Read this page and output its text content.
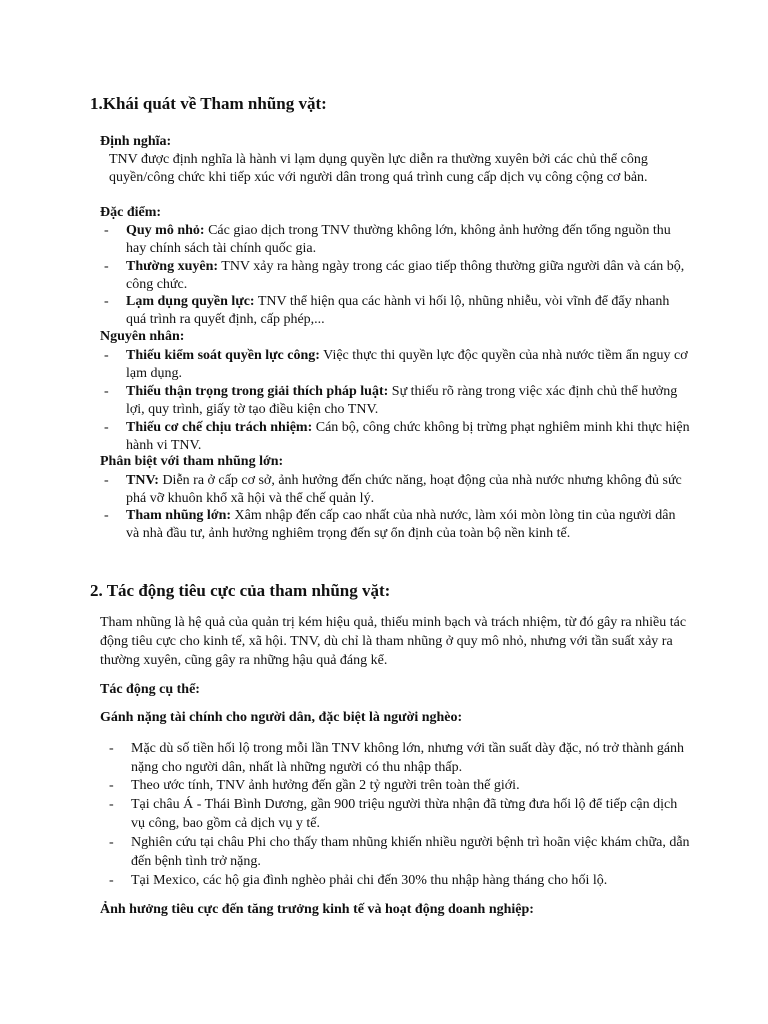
1.Khái quát về Tham nhũng vặt:
Định nghĩa:
TNV được định nghĩa là hành vi lạm dụng quyền lực diễn ra thường xuyên bởi các chủ thể công quyền/công chức khi tiếp xúc với người dân trong quá trình cung cấp dịch vụ công cộng cơ bản.
Đặc điểm:
- Quy mô nhỏ: Các giao dịch trong TNV thường không lớn, không ảnh hưởng đến tổng nguồn thu hay chính sách tài chính quốc gia.
- Thường xuyên: TNV xảy ra hàng ngày trong các giao tiếp thông thường giữa người dân và cán bộ, công chức.
- Lạm dụng quyền lực: TNV thể hiện qua các hành vi hối lộ, nhũng nhiễu, vòi vĩnh để đẩy nhanh quá trình ra quyết định, cấp phép,...
Nguyên nhân:
- Thiếu kiểm soát quyền lực công: Việc thực thi quyền lực độc quyền của nhà nước tiềm ẩn nguy cơ lạm dụng.
- Thiếu thận trọng trong giải thích pháp luật: Sự thiếu rõ ràng trong việc xác định chủ thể hưởng lợi, quy trình, giấy tờ tạo điều kiện cho TNV.
- Thiếu cơ chế chịu trách nhiệm: Cán bộ, công chức không bị trừng phạt nghiêm minh khi thực hiện hành vi TNV.
Phân biệt với tham nhũng lớn:
- TNV: Diễn ra ở cấp cơ sở, ảnh hưởng đến chức năng, hoạt động của nhà nước nhưng không đủ sức phá vỡ khuôn khổ xã hội và thể chế quản lý.
- Tham nhũng lớn: Xâm nhập đến cấp cao nhất của nhà nước, làm xói mòn lòng tin của người dân và nhà đầu tư, ảnh hưởng nghiêm trọng đến sự ổn định của toàn bộ nền kinh tế.
2. Tác động tiêu cực của tham nhũng vặt:
Tham nhũng là hệ quả của quản trị kém hiệu quả, thiếu minh bạch và trách nhiệm, từ đó gây ra nhiều tác động tiêu cực cho kinh tế, xã hội. TNV, dù chỉ là tham nhũng ở quy mô nhỏ, nhưng với tần suất xảy ra thường xuyên, cũng gây ra những hậu quả đáng kể.
Tác động cụ thể:
Gánh nặng tài chính cho người dân, đặc biệt là người nghèo:
- Mặc dù số tiền hối lộ trong mỗi lần TNV không lớn, nhưng với tần suất dày đặc, nó trở thành gánh nặng cho người dân, nhất là những người có thu nhập thấp.
- Theo ước tính, TNV ảnh hưởng đến gần 2 tỷ người trên toàn thế giới.
- Tại châu Á - Thái Bình Dương, gần 900 triệu người thừa nhận đã từng đưa hối lộ để tiếp cận dịch vụ công, bao gồm cả dịch vụ y tế.
- Nghiên cứu tại châu Phi cho thấy tham nhũng khiến nhiều người bệnh trì hoãn việc khám chữa, dẫn đến bệnh tình trở nặng.
- Tại Mexico, các hộ gia đình nghèo phải chi đến 30% thu nhập hàng tháng cho hối lộ.
Ảnh hưởng tiêu cực đến tăng trưởng kinh tế và hoạt động doanh nghiệp:
